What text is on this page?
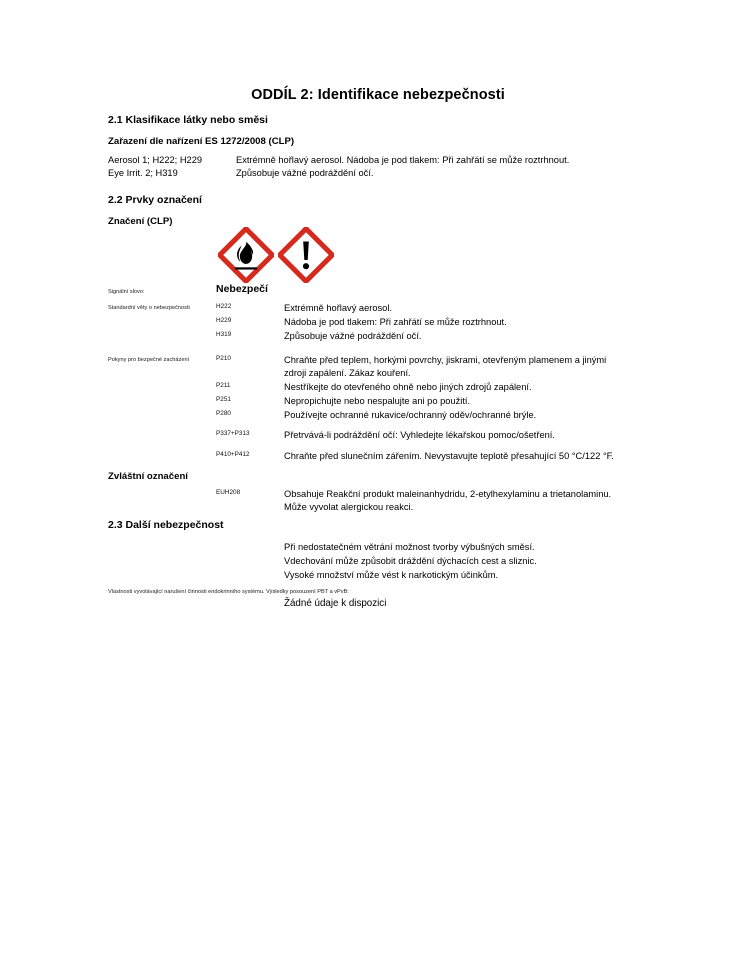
ODDÍL 2: Identifikace nebezpečnosti
2.1 Klasifikace látky nebo směsi
Zařazení dle nařízení ES 1272/2008 (CLP)
Aerosol 1; H222; H229	Extrémně hořlavý aerosol. Nádoba je pod tlakem: Při zahřátí se může roztrhnout.
Eye Irrit. 2; H319	Způsobuje vážné podráždění očí.
2.2 Prvky označení
Značení (CLP)
Signální slovo:	Nebezpečí
Standardní věty o nebezpečnosti	H222	Extrémně hořlavý aerosol.
H229	Nádoba je pod tlakem: Při zahřátí se může roztrhnout.
H319	Způsobuje vážné podráždění očí.
Pokyny pro bezpečné zacházení	P210	Chraňte před teplem, horkými povrchy, jiskrami, otevřeným plamenem a jinými
zdroji zapálení. Zákaz kouření.
P211	Nestříkejte do otevřeného ohně nebo jiných zdrojů zapálení.
P251	Nepropichujte nebo nespalujte ani po použití.
P280	Používejte ochranné rukavice/ochranný oděv/ochranné brýle.
P337+P313	Přetrvává-li podráždění očí: Vyhledejte lékařskou pomoc/ošetření.
P410+P412	Chraňte před slunečním zářením. Nevystavujte teplotě přesahující 50 °C/122 °F.
Zvláštní označení
EUH208	Obsahuje Reakční produkt maleinanhydridu, 2-etylhexylaminu a trietanolaminu.
Může vyvolat alergickou reakci.
2.3 Další nebezpečnost
Při nedostatečném větrání možnost tvorby výbušných směsí.
Vdechování může způsobit dráždění dýchacích cest a sliznic.
Vysoké množství může vést k narkotickým účinkům.
Vlastnosti vyvolávající narušení činnosti endokrinního systému. Výsledky posouzení PBT a vPvB:
Žádné údaje k dispozici
